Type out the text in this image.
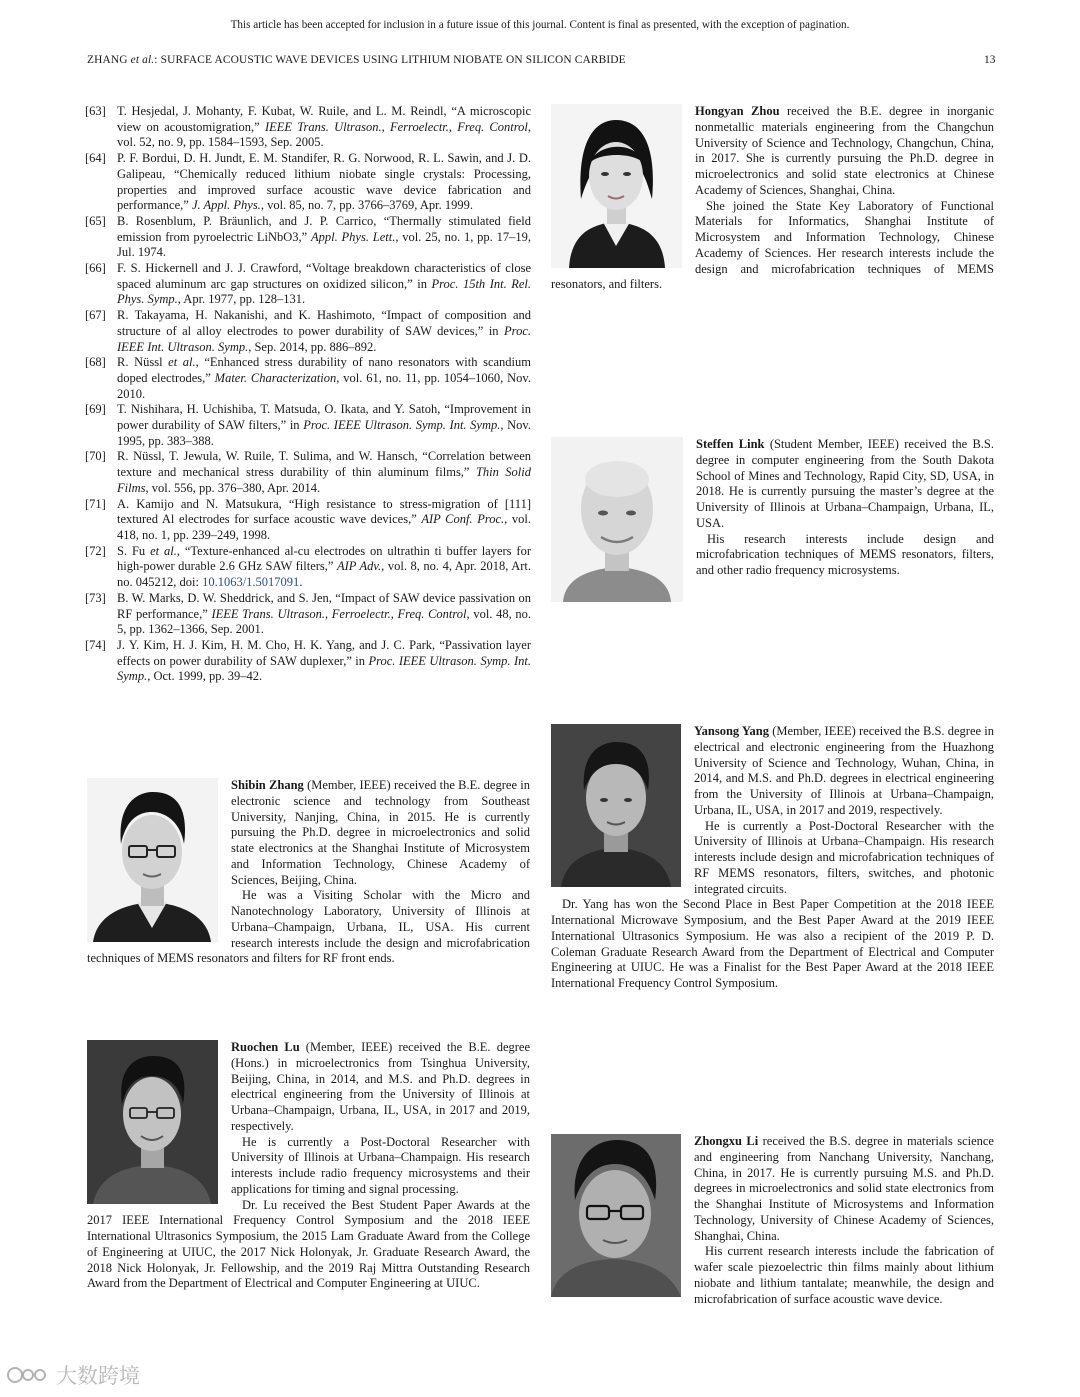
This article has been accepted for inclusion in a future issue of this journal. Content is final as presented, with the exception of pagination.
ZHANG et al.: SURFACE ACOUSTIC WAVE DEVICES USING LITHIUM NIOBATE ON SILICON CARBIDE	13
[63] T. Hesjedal, J. Mohanty, F. Kubat, W. Ruile, and L. M. Reindl, “A microscopic view on acoustomigration,” IEEE Trans. Ultrason., Ferroelectr., Freq. Control, vol. 52, no. 9, pp. 1584–1593, Sep. 2005.
[64] P. F. Bordui, D. H. Jundt, E. M. Standifer, R. G. Norwood, R. L. Sawin, and J. D. Galipeau, “Chemically reduced lithium niobate single crystals: Processing, properties and improved surface acoustic wave device fabrication and performance,” J. Appl. Phys., vol. 85, no. 7, pp. 3766–3769, Apr. 1999.
[65] B. Rosenblum, P. Bräunlich, and J. P. Carrico, “Thermally stimulated field emission from pyroelectric LiNbO3,” Appl. Phys. Lett., vol. 25, no. 1, pp. 17–19, Jul. 1974.
[66] F. S. Hickernell and J. J. Crawford, “Voltage breakdown characteristics of close spaced aluminum arc gap structures on oxidized silicon,” in Proc. 15th Int. Rel. Phys. Symp., Apr. 1977, pp. 128–131.
[67] R. Takayama, H. Nakanishi, and K. Hashimoto, “Impact of composition and structure of al alloy electrodes to power durability of SAW devices,” in Proc. IEEE Int. Ultrason. Symp., Sep. 2014, pp. 886–892.
[68] R. Nüssl et al., “Enhanced stress durability of nano resonators with scandium doped electrodes,” Mater. Characterization, vol. 61, no. 11, pp. 1054–1060, Nov. 2010.
[69] T. Nishihara, H. Uchishiba, T. Matsuda, O. Ikata, and Y. Satoh, “Improvement in power durability of SAW filters,” in Proc. IEEE Ultrason. Symp. Int. Symp., Nov. 1995, pp. 383–388.
[70] R. Nüssl, T. Jewula, W. Ruile, T. Sulima, and W. Hansch, “Correlation between texture and mechanical stress durability of thin aluminum films,” Thin Solid Films, vol. 556, pp. 376–380, Apr. 2014.
[71] A. Kamijo and N. Matsukura, “High resistance to stress-migration of [111] textured Al electrodes for surface acoustic wave devices,” AIP Conf. Proc., vol. 418, no. 1, pp. 239–249, 1998.
[72] S. Fu et al., “Texture-enhanced al-cu electrodes on ultrathin ti buffer layers for high-power durable 2.6 GHz SAW filters,” AIP Adv., vol. 8, no. 4, Apr. 2018, Art. no. 045212, doi: 10.1063/1.5017091.
[73] B. W. Marks, D. W. Sheddrick, and S. Jen, “Impact of SAW device passivation on RF performance,” IEEE Trans. Ultrason., Ferroelectr., Freq. Control, vol. 48, no. 5, pp. 1362–1366, Sep. 2001.
[74] J. Y. Kim, H. J. Kim, H. M. Cho, H. K. Yang, and J. C. Park, “Passivation layer effects on power durability of SAW duplexer,” in Proc. IEEE Ultrason. Symp. Int. Symp., Oct. 1999, pp. 39–42.

Hongyan Zhou received the B.E. degree in inorganic nonmetallic materials engineering from the Changchun University of Science and Technology, Changchun, China, in 2017. She is currently pursuing the Ph.D. degree in microelectronics and solid state electronics at Chinese Academy of Sciences, Shanghai, China.

She joined the State Key Laboratory of Functional Materials for Informatics, Shanghai Institute of Microsystem and Information Technology, Chinese Academy of Sciences. Her research interests include the design and microfabrication techniques of MEMS resonators, and filters.

Steffen Link (Student Member, IEEE) received the B.S. degree in computer engineering from the South Dakota School of Mines and Technology, Rapid City, SD, USA, in 2018. He is currently pursuing the master’s degree at the University of Illinois at Urbana–Champaign, Urbana, IL, USA.

His research interests include design and microfabrication techniques of MEMS resonators, filters, and other radio frequency microsystems.

Yansong Yang (Member, IEEE) received the B.S. degree in electrical and electronic engineering from the Huazhong University of Science and Technology, Wuhan, China, in 2014, and M.S. and Ph.D. degrees in electrical engineering from the University of Illinois at Urbana–Champaign, Urbana, IL, USA, in 2017 and 2019, respectively.

He is currently a Post-Doctoral Researcher with the University of Illinois at Urbana–Champaign. His research interests include design and microfabrication techniques of RF MEMS resonators, filters, switches, and photonic integrated circuits.

Dr. Yang has won the Second Place in Best Paper Competition at the 2018 IEEE International Microwave Symposium, and the Best Paper Award at the 2019 IEEE International Ultrasonics Symposium. He was also a recipient of the 2019 P. D. Coleman Graduate Research Award from the Department of Electrical and Computer Engineering at UIUC. He was a Finalist for the Best Paper Award at the 2018 IEEE International Frequency Control Symposium.

Shibin Zhang (Member, IEEE) received the B.E. degree in electronic science and technology from Southeast University, Nanjing, China, in 2015. He is currently pursuing the Ph.D. degree in microelectronics and solid state electronics at the Shanghai Institute of Microsystem and Information Technology, Chinese Academy of Sciences, Beijing, China.

He was a Visiting Scholar with the Micro and Nanotechnology Laboratory, University of Illinois at Urbana–Champaign, Urbana, IL, USA. His current research interests include the design and microfabrication techniques of MEMS resonators and filters for RF front ends.

Ruochen Lu (Member, IEEE) received the B.E. degree (Hons.) in microelectronics from Tsinghua University, Beijing, China, in 2014, and M.S. and Ph.D. degrees in electrical engineering from the University of Illinois at Urbana–Champaign, Urbana, IL, USA, in 2017 and 2019, respectively.

He is currently a Post-Doctoral Researcher with University of Illinois at Urbana–Champaign. His research interests include radio frequency microsystems and their applications for timing and signal processing.

Dr. Lu received the Best Student Paper Awards at the 2017 IEEE International Frequency Control Symposium and the 2018 IEEE International Ultrasonics Symposium, the 2015 Lam Graduate Award from the College of Engineering at UIUC, the 2017 Nick Holonyak, Jr. Graduate Research Award, the 2018 Nick Holonyak, Jr. Fellowship, and the 2019 Raj Mittra Outstanding Research Award from the Department of Electrical and Computer Engineering at UIUC.

Zhongxu Li received the B.S. degree in materials science and engineering from Nanchang University, Nanchang, China, in 2017. He is currently pursuing M.S. and Ph.D. degrees in microelectronics and solid state electronics from the Shanghai Institute of Microsystems and Information Technology, University of Chinese Academy of Sciences, Shanghai, China.

His current research interests include the fabrication of wafer scale piezoelectric thin films mainly about lithium niobate and lithium tantalate; meanwhile, the design and microfabrication of surface acoustic wave device.

大数跨境
